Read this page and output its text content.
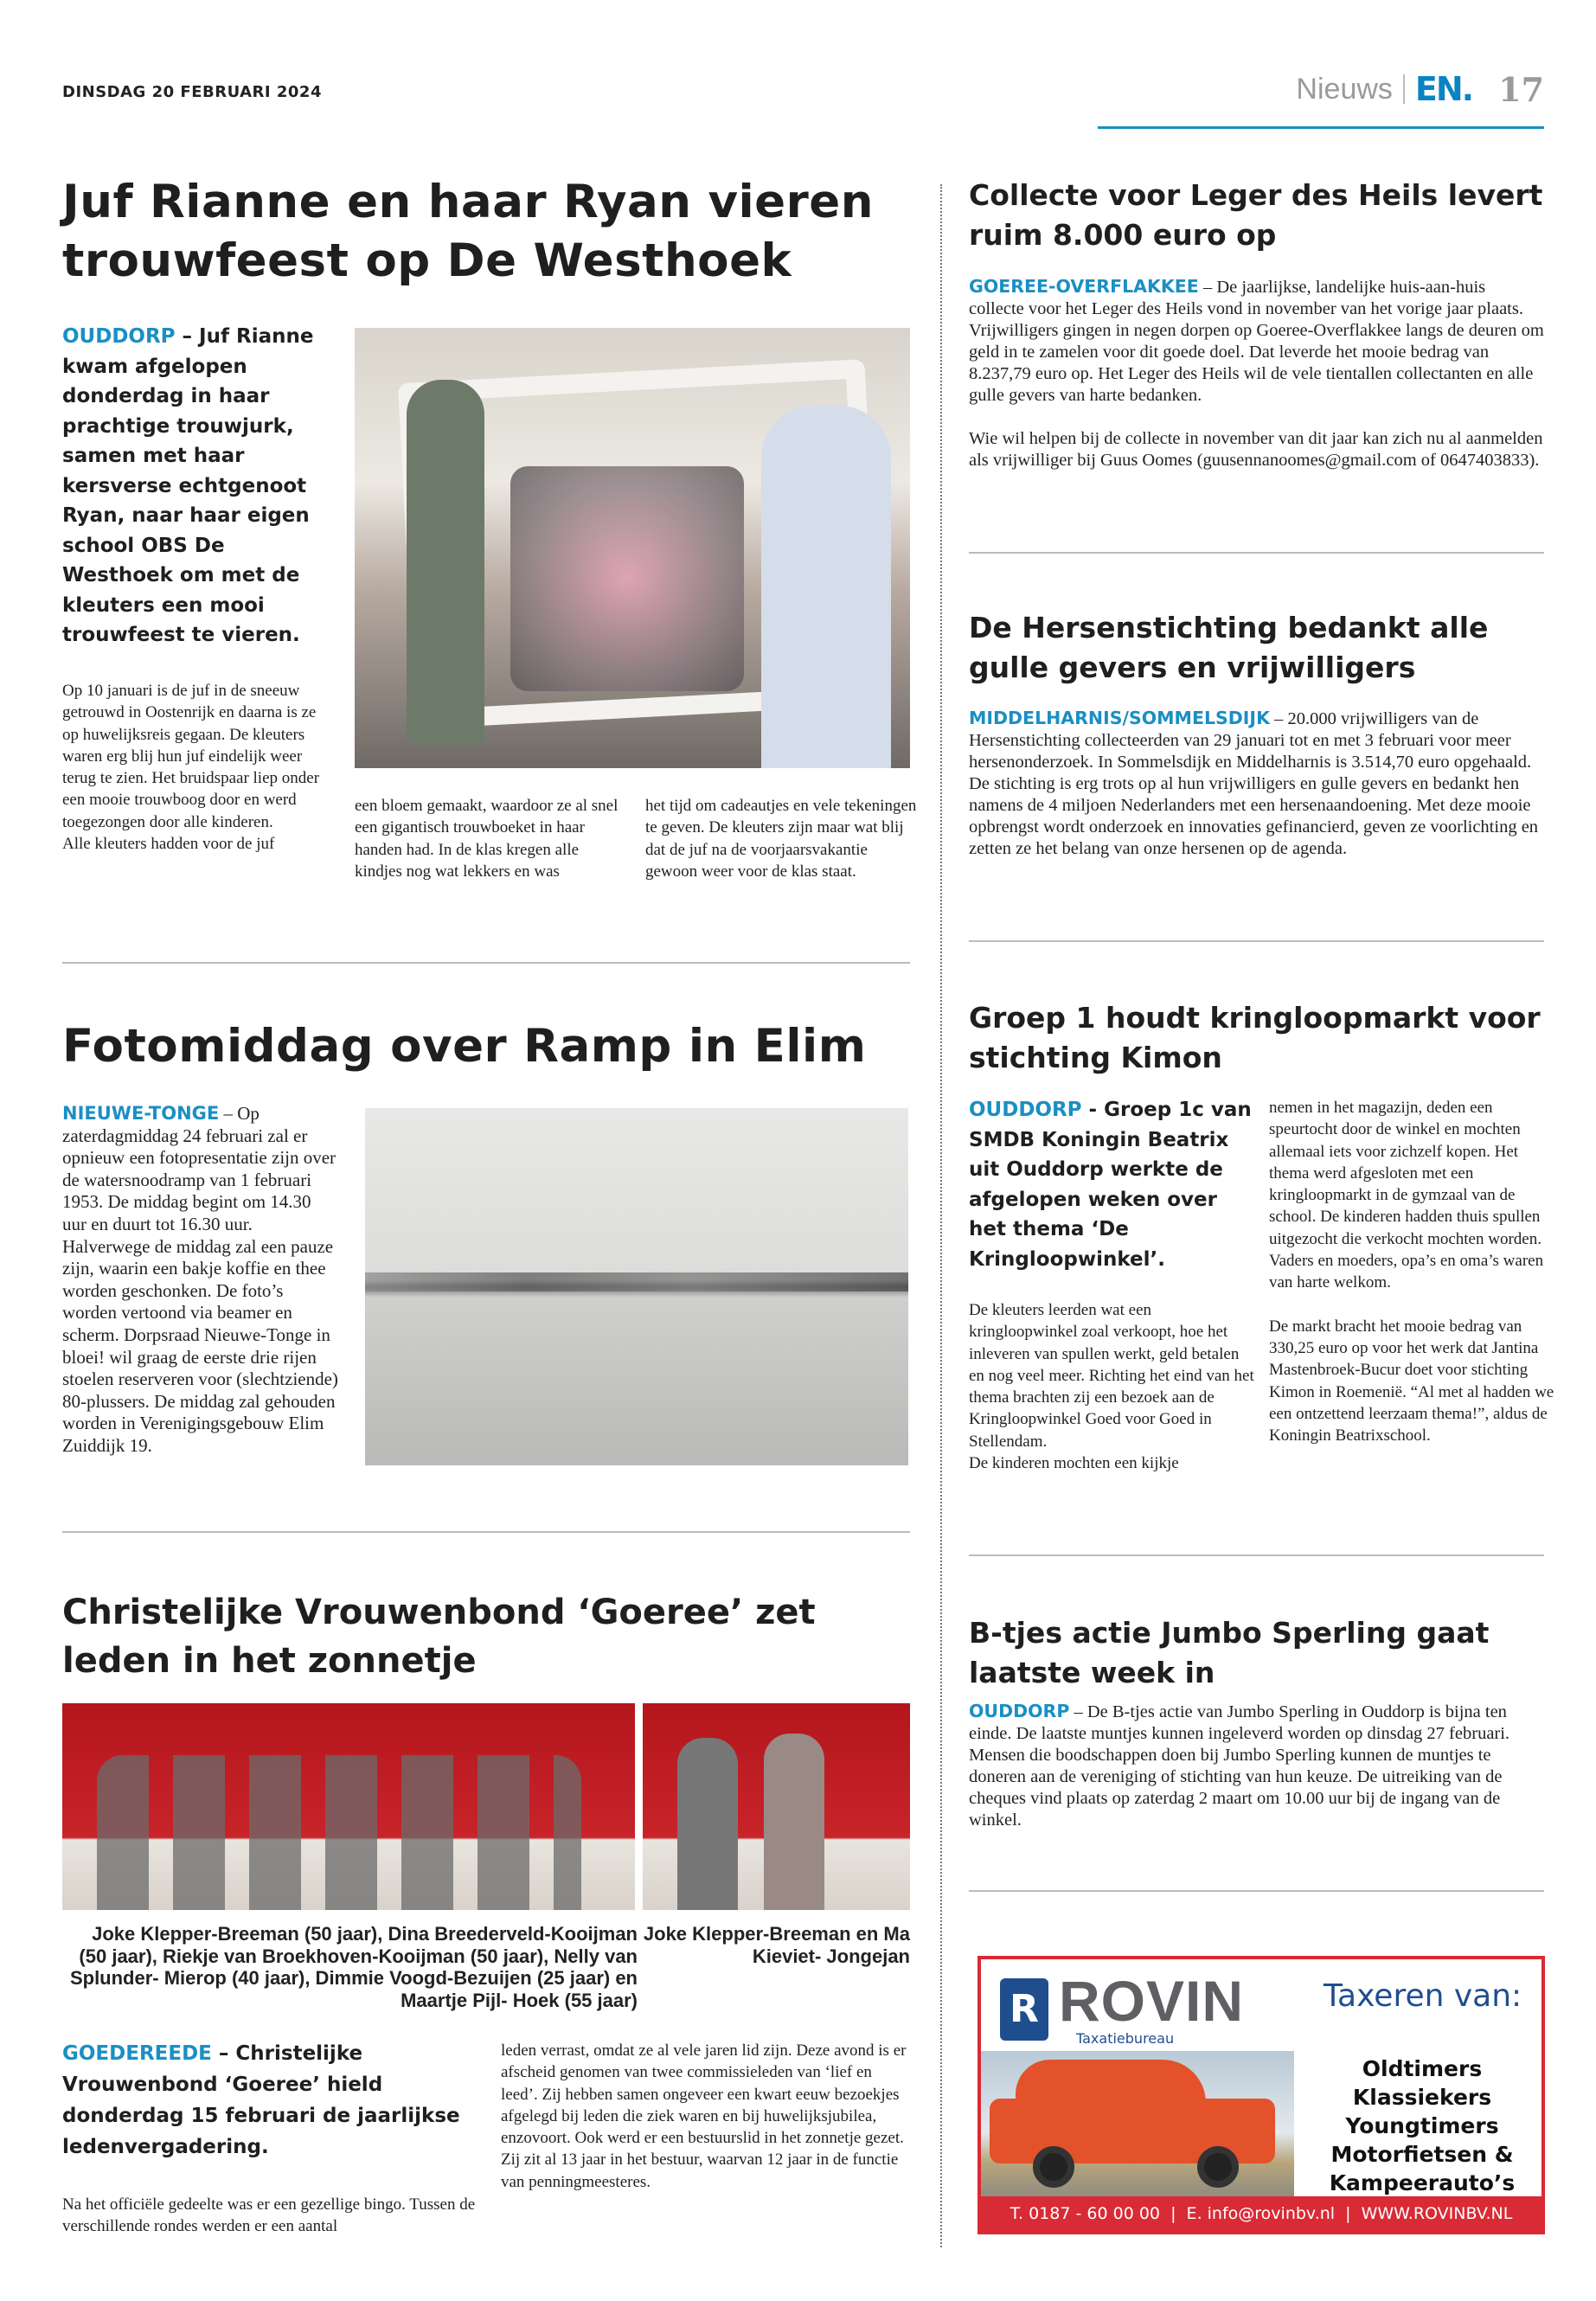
DINSDAG 20 FEBRUARI 2024	Nieuws EN. 17
Juf Rianne en haar Ryan vieren trouwfeest op De Westhoek
OUDDORP – Juf Rianne kwam afgelopen donderdag in haar prachtige trouwjurk, samen met haar kersverse echtgenoot Ryan, naar haar eigen school OBS De Westhoek om met de kleuters een mooi trouwfeest te vieren.
Op 10 januari is de juf in de sneeuw getrouwd in Oostenrijk en daarna is ze op huwelijksreis gegaan. De kleuters waren erg blij hun juf eindelijk weer terug te zien. Het bruidspaar liep onder een mooie trouwboog door en werd toegezongen door alle kinderen.
Alle kleuters hadden voor de juf
een bloem gemaakt, waardoor ze al snel een gigantisch trouwboeket in haar handen had. In de klas kregen alle kindjes nog wat lekkers en was
het tijd om cadeautjes en vele tekeningen te geven. De kleuters zijn maar wat blij dat de juf na de voorjaarsvakantie gewoon weer voor de klas staat.
Fotomiddag over Ramp in Elim
NIEUWE-TONGE – Op zaterdagmiddag 24 februari zal er opnieuw een fotopresentatie zijn over de watersnoodramp van 1 februari 1953. De middag begint om 14.30 uur en duurt tot 16.30 uur. Halverwege de middag zal een pauze zijn, waarin een bakje koffie en thee worden geschonken. De foto’s worden vertoond via beamer en scherm. Dorpsraad Nieuwe-Tonge in bloei! wil graag de eerste drie rijen stoelen reserveren voor (slechtziende) 80-plussers. De middag zal gehouden worden in Verenigingsgebouw Elim Zuiddijk 19.
Christelijke Vrouwenbond ‘Goeree’ zet leden in het zonnetje
Joke Klepper-Breeman (50 jaar), Dina Breederveld-Kooijman (50 jaar), Riekje van Broekhoven-Kooijman (50 jaar), Nelly van Splunder- Mierop (40 jaar), Dimmie Voogd-Bezuijen (25 jaar) en Maartje Pijl- Hoek (55 jaar)
Joke Klepper-Breeman en Ma Kieviet- Jongejan
GOEDEREEDE – Christelijke Vrouwenbond ‘Goeree’ hield donderdag 15 februari de jaarlijkse ledenvergadering.
Na het officiële gedeelte was er een gezellige bingo. Tussen de verschillende rondes werden er een aantal
leden verrast, omdat ze al vele jaren lid zijn. Deze avond is er afscheid genomen van twee commissieleden van ‘lief en leed’. Zij hebben samen ongeveer een kwart eeuw bezoekjes afgelegd bij leden die ziek waren en bij huwelijksjubilea, enzovoort. Ook werd er een bestuurslid in het zonnetje gezet. Zij zit al 13 jaar in het bestuur, waarvan 12 jaar in de functie van penningmeesteres.
Collecte voor Leger des Heils levert ruim 8.000 euro op

GOEREE-OVERFLAKKEE – De jaarlijkse, landelijke huis-aan-huis collecte voor het Leger des Heils vond in november van het vorige jaar plaats. Vrijwilligers gingen in negen dorpen op Goeree-Overflakkee langs de deuren om geld in te zamelen voor dit goede doel. Dat leverde het mooie bedrag van 8.237,79 euro op. Het Leger des Heils wil de vele tientallen collectanten en alle gulle gevers van harte bedanken.

Wie wil helpen bij de collecte in november van dit jaar kan zich nu al aanmelden als vrijwilliger bij Guus Oomes (guusennanoomes@gmail.com of 0647403833).

De Hersenstichting bedankt alle gulle gevers en vrijwilligers
MIDDELHARNIS/SOMMELSDIJK – 20.000 vrijwilligers van de Hersenstichting collecteerden van 29 januari tot en met 3 februari voor meer hersenonderzoek. In Sommelsdijk en Middelharnis is 3.514,70 euro opgehaald. De stichting is erg trots op al hun vrijwilligers en gulle gevers en bedankt hen namens de 4 miljoen Nederlanders met een hersenaandoening. Met deze mooie opbrengst wordt onderzoek en innovaties gefinancierd, geven ze voorlichting en zetten ze het belang van onze hersenen op de agenda.
Groep 1 houdt kringloopmarkt voor stichting Kimon
OUDDORP - Groep 1c van SMDB Koningin Beatrix uit Ouddorp werkte de afgelopen weken over het thema ‘De Kringloopwinkel’.
De kleuters leerden wat een kringloopwinkel zoal verkoopt, hoe het inleveren van spullen werkt, geld betalen en nog veel meer. Richting het eind van het thema brachten zij een bezoek aan de Kringloopwinkel Goed voor Goed in Stellendam.
De kinderen mochten een kijkje

nemen in het magazijn, deden een speurtocht door de winkel en mochten allemaal iets voor zichzelf kopen. Het thema werd afgesloten met een kringloopmarkt in de gymzaal van de school. De kinderen hadden thuis spullen uitgezocht die verkocht mochten worden. Vaders en moeders, opa’s en oma’s waren van harte welkom.

De markt bracht het mooie bedrag van 330,25 euro op voor het werk dat Jantina Mastenbroek-Bucur doet voor stichting Kimon in Roemenië. “Al met al hadden we een ontzettend leerzaam thema!”, aldus de Koningin Beatrixschool.

B-tjes actie Jumbo Sperling gaat laatste week in
OUDDORP – De B-tjes actie van Jumbo Sperling in Ouddorp is bijna ten einde. De laatste muntjes kunnen ingeleverd worden op dinsdag 27 februari. Mensen die boodschappen doen bij Jumbo Sperling kunnen de muntjes te doneren aan de vereniging of stichting van hun keuze. De uitreiking van de cheques vind plaats op zaterdag 2 maart om 10.00 uur bij de ingang van de winkel.
R ROVIN
Taxatiebureau
Taxeren van:
Oldtimers
Klassiekers
Youngtimers
Motorfietsen &
Kampeerauto’s
T. 0187 - 60 00 00  |  E. info@rovinbv.nl  |  WWW.ROVINBV.NL
